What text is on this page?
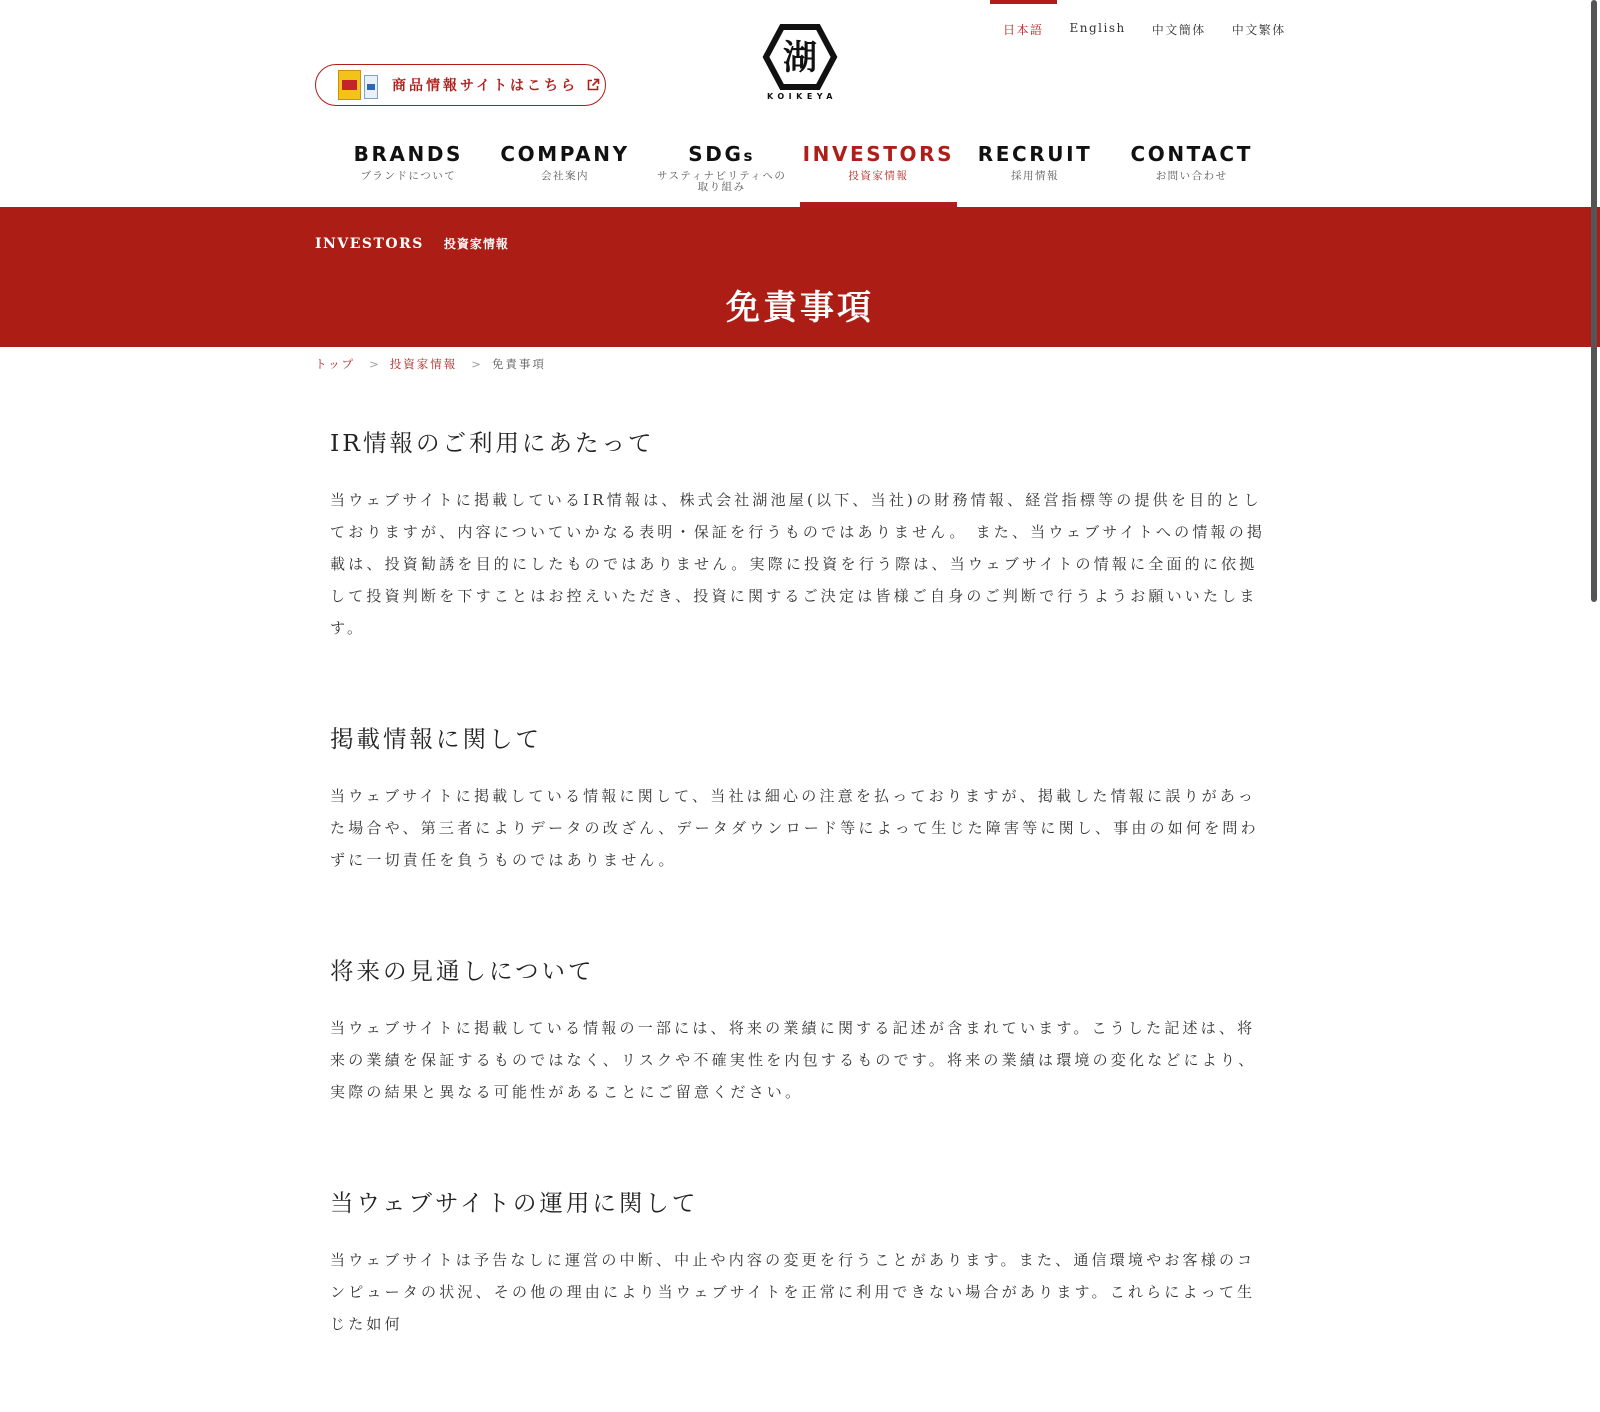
日本語	English	中文簡体	中文繁体
湖
KOIKEYA
商品情報サイトはこちら
BRANDS
ブランドについて
COMPANY
会社案内
SDGs
サスティナビリティへの取り組み
INVESTORS
投資家情報
RECRUIT
採用情報
CONTACT
お問い合わせ
INVESTORS 投資家情報
免責事項
トップ > 投資家情報 > 免責事項
IR情報のご利用にあたって

当ウェブサイトに掲載しているIR情報は、株式会社湖池屋(以下、当社)の財務情報、経営指標等の提供を目的としておりますが、内容についていかなる表明・保証を行うものではありません。 また、当ウェブサイトへの情報の掲載は、投資勧誘を目的にしたものではありません。実際に投資を行う際は、当ウェブサイトの情報に全面的に依拠して投資判断を下すことはお控えいただき、投資に関するご決定は皆様ご自身のご判断で行うようお願いいたします。

掲載情報に関して

当ウェブサイトに掲載している情報に関して、当社は細心の注意を払っておりますが、掲載した情報に誤りがあった場合や、第三者によりデータの改ざん、データダウンロード等によって生じた障害等に関し、事由の如何を問わずに一切責任を負うものではありません。

将来の見通しについて

当ウェブサイトに掲載している情報の一部には、将来の業績に関する記述が含まれています。こうした記述は、将来の業績を保証するものではなく、リスクや不確実性を内包するものです。将来の業績は環境の変化などにより、実際の結果と異なる可能性があることにご留意ください。

当ウェブサイトの運用に関して

当ウェブサイトは予告なしに運営の中断、中止や内容の変更を行うことがあります。また、通信環境やお客様のコンピュータの状況、その他の理由により当ウェブサイトを正常に利用できない場合があります。これらによって生じた如何
